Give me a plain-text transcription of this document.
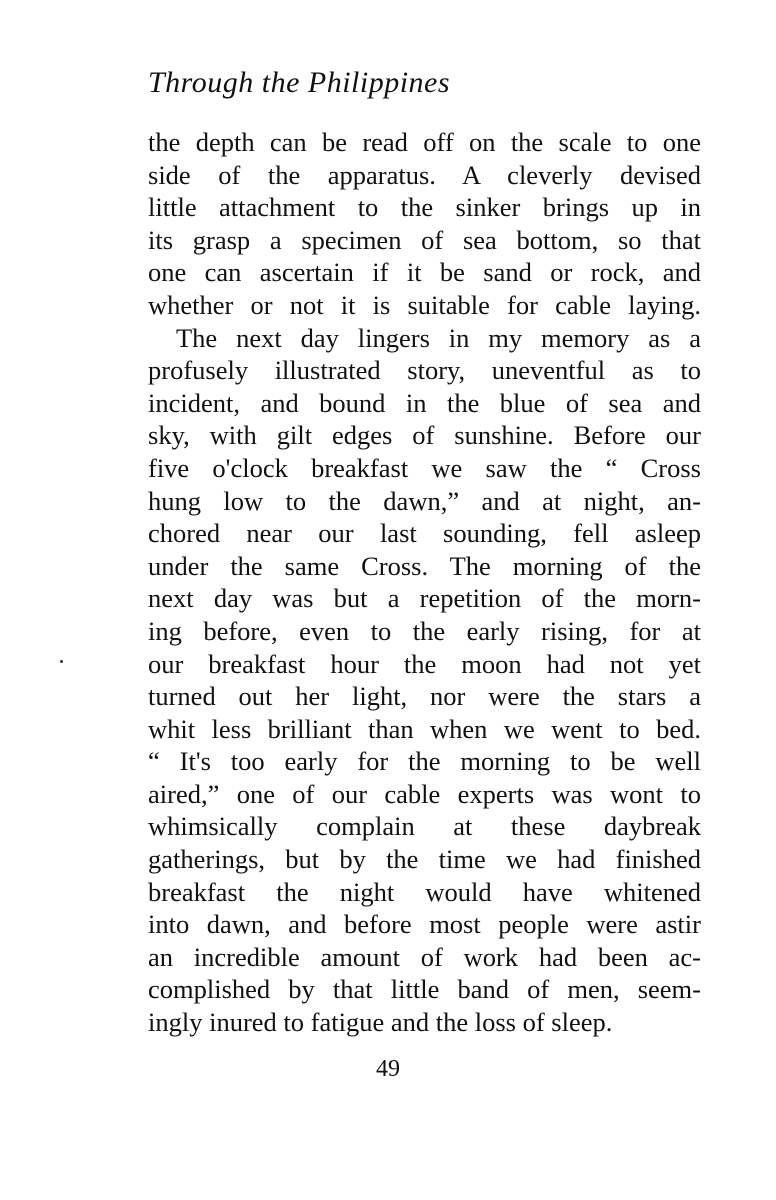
Through the Philippines
the depth can be read off on the scale to one
side of the apparatus. A cleverly devised
little attachment to the sinker brings up in
its grasp a specimen of sea bottom, so that
one can ascertain if it be sand or rock, and
whether or not it is suitable for cable laying.
The next day lingers in my memory as a
profusely illustrated story, uneventful as to
incident, and bound in the blue of sea and
sky, with gilt edges of sunshine. Before our
five o'clock breakfast we saw the “ Cross
hung low to the dawn,” and at night, an-
chored near our last sounding, fell asleep
under the same Cross. The morning of the
next day was but a repetition of the morn-
ing before, even to the early rising, for at
our breakfast hour the moon had not yet
turned out her light, nor were the stars a
whit less brilliant than when we went to bed.
“ It's too early for the morning to be well
aired,” one of our cable experts was wont to
whimsically complain at these daybreak
gatherings, but by the time we had finished
breakfast the night would have whitened
into dawn, and before most people were astir
an incredible amount of work had been ac-
complished by that little band of men, seem-
ingly inured to fatigue and the loss of sleep.
49
